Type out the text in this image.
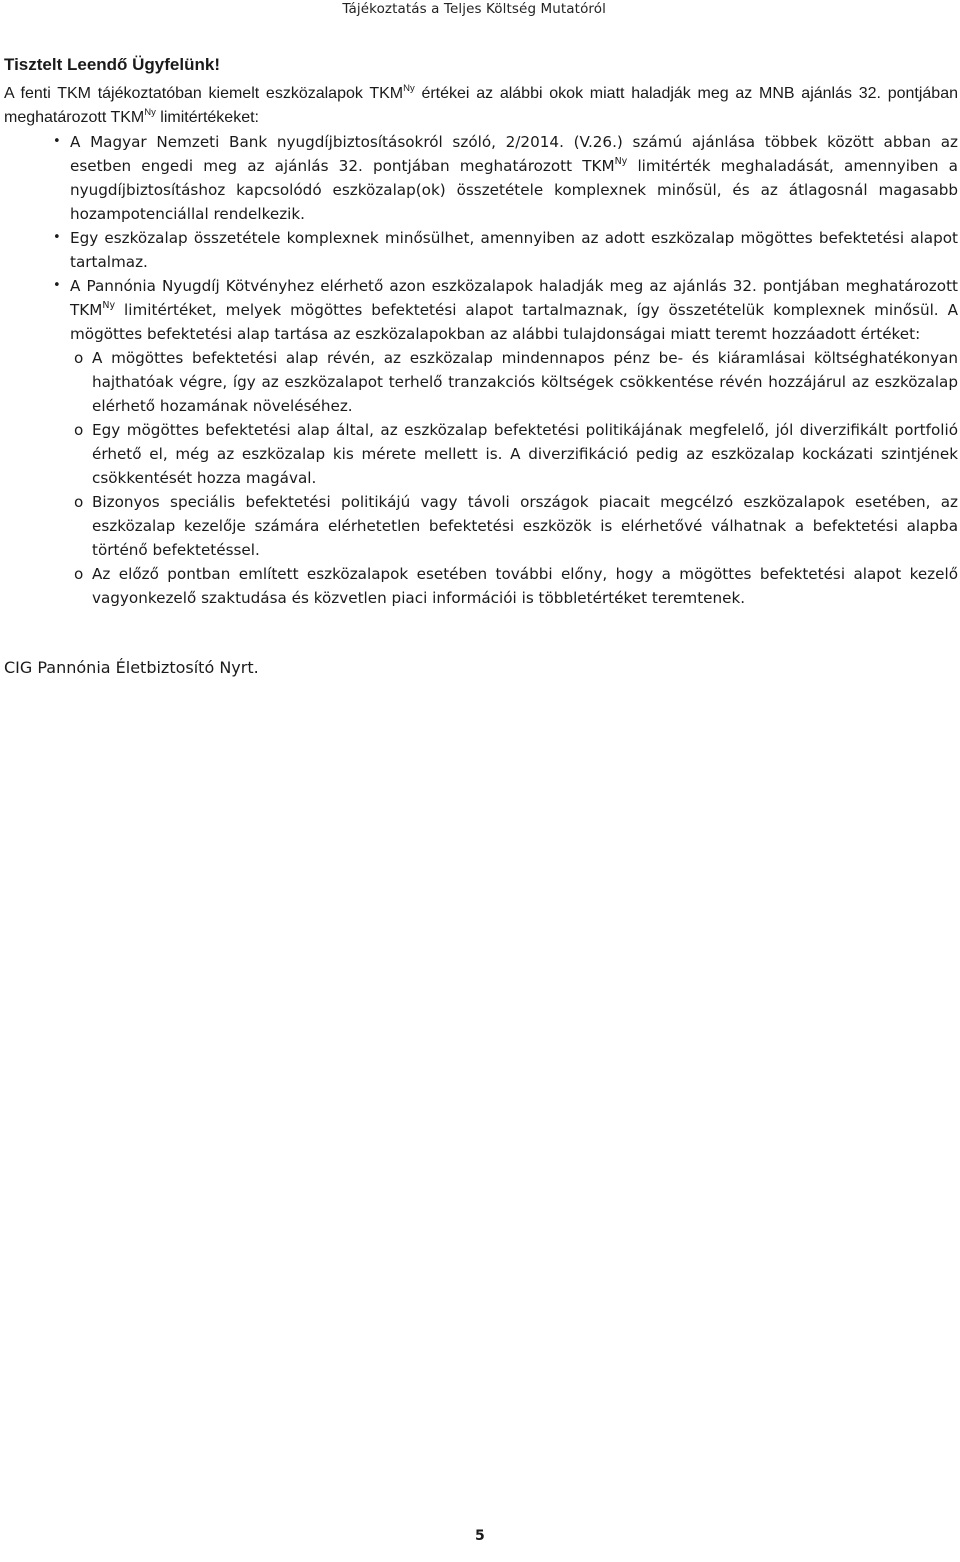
Tájékoztatás a Teljes Költség Mutatóról

Tisztelt Leendő Ügyfelünk!

A fenti TKM tájékoztatóban kiemelt eszközalapok $TKM^{Ny}$ értékei az alábbi okok miatt haladják meg az MNB ajánlás 32. pontjában meghatározott $TKM^{Ny}$ limitértékeket:

• A Magyar Nemzeti Bank nyugdíjbiztosításokról szóló, 2/2014. (V.26.) számú ajánlása többek között abban az esetben engedi meg az ajánlás 32. pontjában meghatározott $TKM^{Ny}$ limitérték meghaladását, amennyiben a nyugdíjbiztosításhoz kapcsolódó eszközalap(ok) összetétele komplexnek minősül, és az átlagosnál magasabb hozampotenciállal rendelkezik.
• Egy eszközalap összetétele komplexnek minősülhet, amennyiben az adott eszközalap mögöttes befektetési alapot tartalmaz.
• A Pannónia Nyugdíj Kötvényhez elérhető azon eszközalapok haladják meg az ajánlás 32. pontjában meghatározott $TKM^{Ny}$ limitértéket, melyek mögöttes befektetési alapot tartalmaznak, így összetételük komplexnek minősül. A mögöttes befektetési alap tartása az eszközalapokban az alábbi tulajdonságai miatt teremt hozzáadott értéket:
o A mögöttes befektetési alap révén, az eszközalap mindennapos pénz be- és kiáramlásai költséghatékonyan hajthatóak végre, így az eszközalapot terhelő tranzakciós költségek csökkentése révén hozzájárul az eszközalap elérhető hozamának növeléséhez.
o Egy mögöttes befektetési alap által, az eszközalap befektetési politikájának megfelelő, jól diverzifikált portfolió érhető el, még az eszközalap kis mérete mellett is. A diverzifikáció pedig az eszközalap kockázati szintjének csökkentését hozza magával.
o Bizonyos speciális befektetési politikájú vagy távoli országok piacait megcélzó eszközalapok esetében, az eszközalap kezelője számára elérhetetlen befektetési eszközök is elérhetővé válhatnak a befektetési alapba történő befektetéssel.
o Az előző pontban említett eszközalapok esetében további előny, hogy a mögöttes befektetési alapot kezelő vagyonkezelő szaktudása és közvetlen piaci információi is többletértéket teremtenek.
CIG Pannónia Életbiztosító Nyrt.
5
